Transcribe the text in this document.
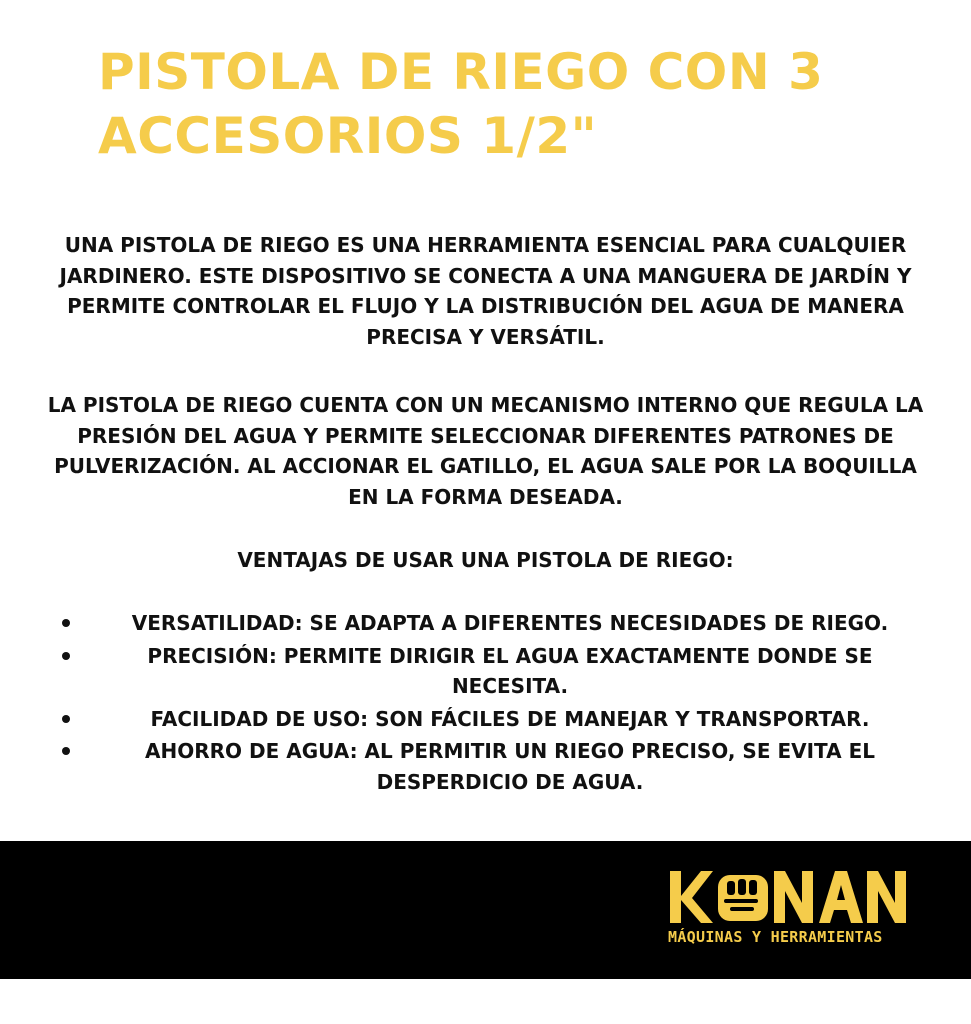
PISTOLA DE RIEGO CON 3 ACCESORIOS 1/2"

UNA PISTOLA DE RIEGO ES UNA HERRAMIENTA ESENCIAL PARA CUALQUIER JARDINERO. ESTE DISPOSITIVO SE CONECTA A UNA MANGUERA DE JARDÍN Y PERMITE CONTROLAR EL FLUJO Y LA DISTRIBUCIÓN DEL AGUA DE MANERA PRECISA Y VERSÁTIL.

LA PISTOLA DE RIEGO CUENTA CON UN MECANISMO INTERNO QUE REGULA LA PRESIÓN DEL AGUA Y PERMITE SELECCIONAR DIFERENTES PATRONES DE PULVERIZACIÓN. AL ACCIONAR EL GATILLO, EL AGUA SALE POR LA BOQUILLA EN LA FORMA DESEADA.

VENTAJAS DE USAR UNA PISTOLA DE RIEGO:

VERSATILIDAD: SE ADAPTA A DIFERENTES NECESIDADES DE RIEGO.
PRECISIÓN: PERMITE DIRIGIR EL AGUA EXACTAMENTE DONDE SE NECESITA.
FACILIDAD DE USO: SON FÁCILES DE MANEJAR Y TRANSPORTAR.
AHORRO DE AGUA: AL PERMITIR UN RIEGO PRECISO, SE EVITA EL DESPERDICIO DE AGUA.
MÁQUINAS Y HERRAMIENTAS
